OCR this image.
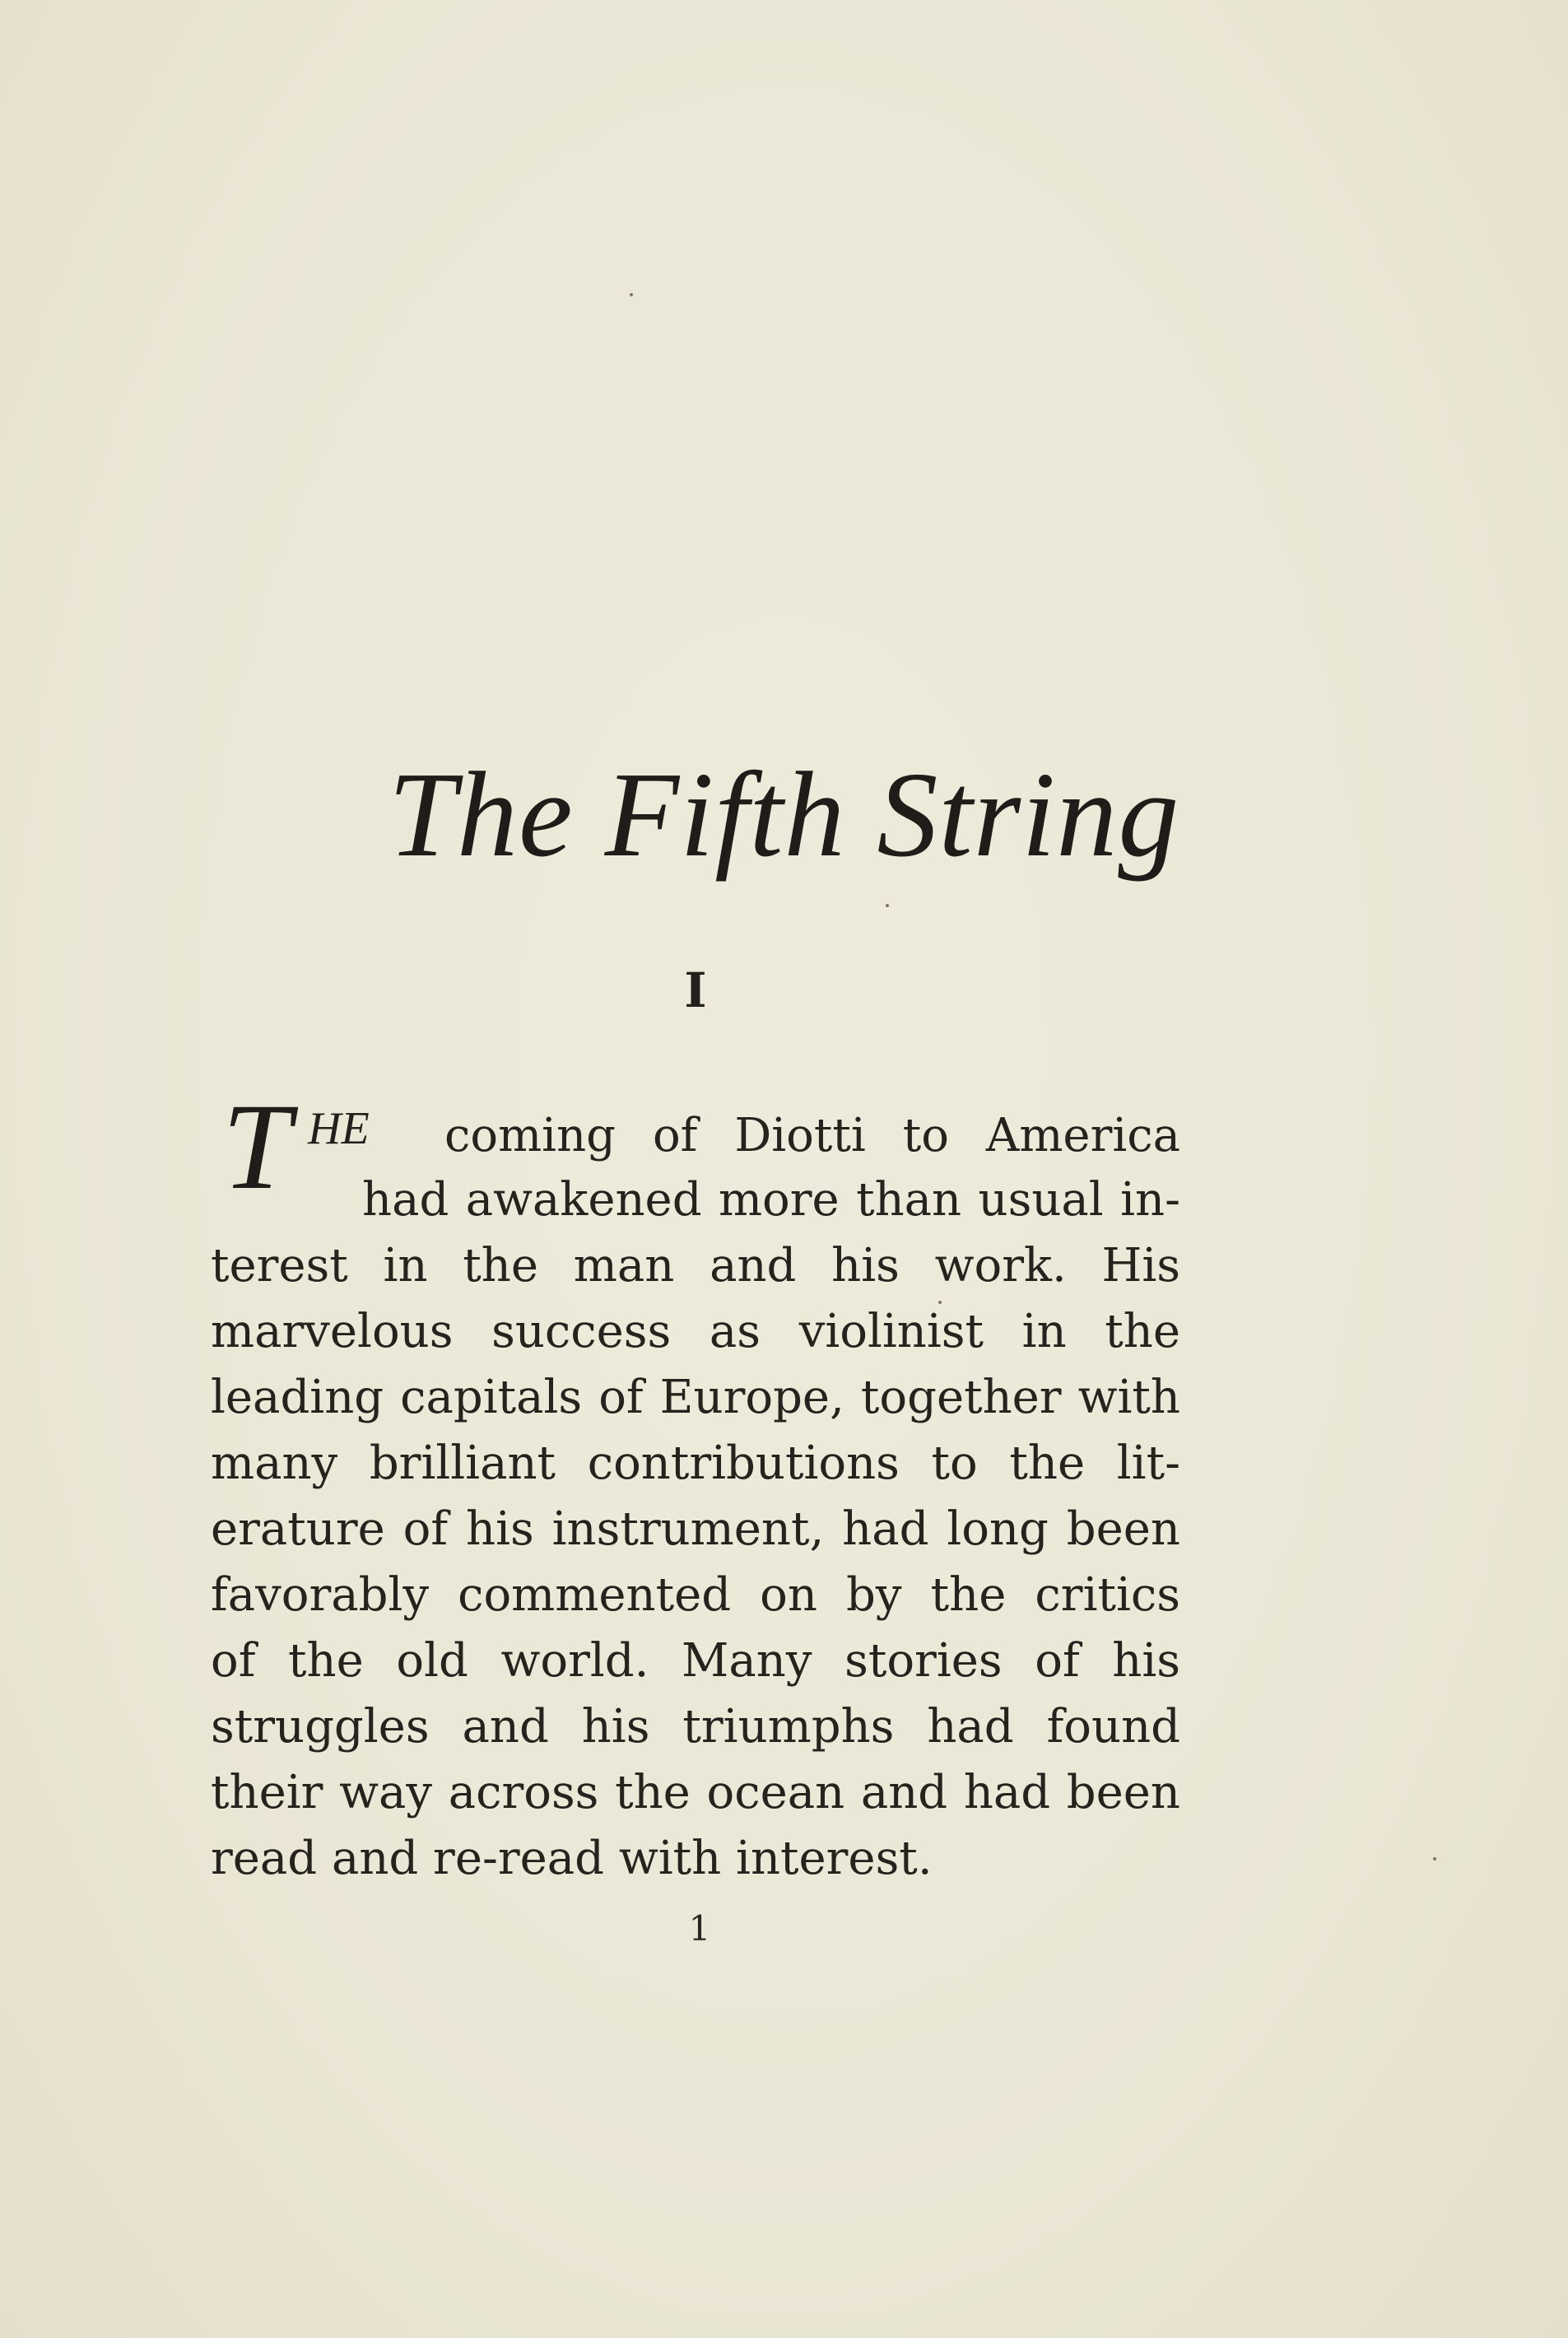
The Fifth String
I
T HE coming of Diotti to America
had awakened more than usual in-
terest in the man and his work. His
marvelous success as violinist in the
leading capitals of Europe, together with
many brilliant contributions to the lit-
erature of his instrument, had long been
favorably commented on by the critics
of the old world. Many stories of his
struggles and his triumphs had found
their way across the ocean and had been
read and re-read with interest.
1
